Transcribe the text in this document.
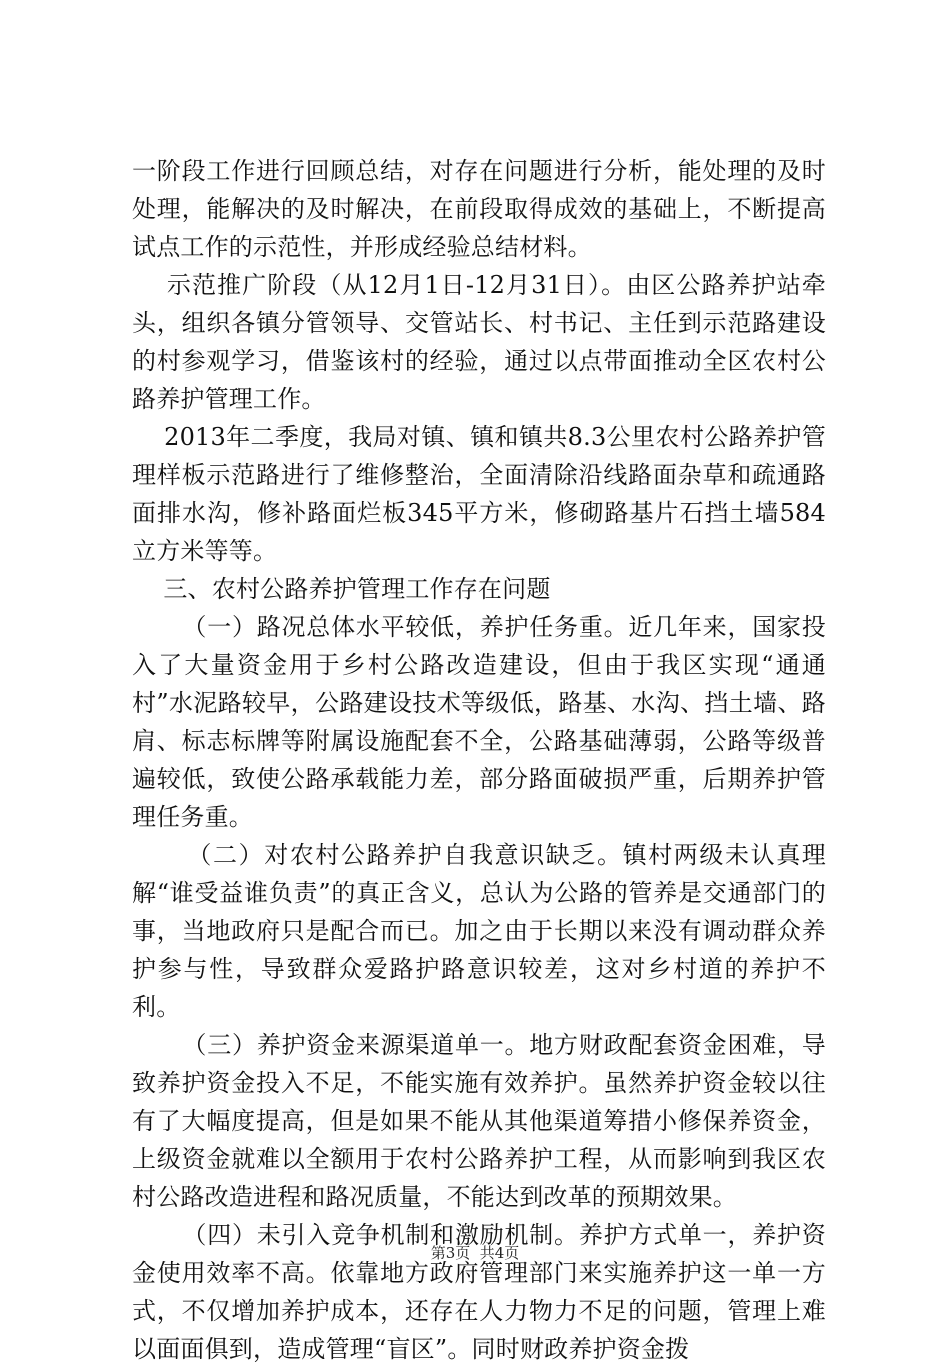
一阶段工作进行回顾总结，对存在问题进行分析，能处理的及时处理，能解决的及时解决，在前段取得成效的基础上，不断提高试点工作的示范性，并形成经验总结材料。

示范推广阶段（从12月1日-12月31日）。由区公路养护站牵头，组织各镇分管领导、交管站长、村书记、主任到示范路建设的村参观学习，借鉴该村的经验，通过以点带面推动全区农村公路养护管理工作。

2013年二季度，我局对镇、镇和镇共8.3公里农村公路养护管理样板示范路进行了维修整治，全面清除沿线路面杂草和疏通路面排水沟，修补路面烂板345平方米，修砌路基片石挡土墙584立方米等等。

三、农村公路养护管理工作存在问题

（一）路况总体水平较低，养护任务重。近几年来，国家投入了大量资金用于乡村公路改造建设，但由于我区实现“通通村”水泥路较早，公路建设技术等级低，路基、水沟、挡土墙、路肩、标志标牌等附属设施配套不全，公路基础薄弱，公路等级普遍较低，致使公路承载能力差，部分路面破损严重，后期养护管理任务重。

（二）对农村公路养护自我意识缺乏。镇村两级未认真理解“谁受益谁负责”的真正含义，总认为公路的管养是交通部门的事，当地政府只是配合而已。加之由于长期以来没有调动群众养护参与性，导致群众爱路护路意识较差，这对乡村道的养护不利。

（三）养护资金来源渠道单一。地方财政配套资金困难，导致养护资金投入不足，不能实施有效养护。虽然养护资金较以往有了大幅度提高，但是如果不能从其他渠道筹措小修保养资金，上级资金就难以全额用于农村公路养护工程，从而影响到我区农村公路改造进程和路况质量，不能达到改革的预期效果。

（四）未引入竞争机制和激励机制。养护方式单一，养护资金使用效率不高。依靠地方政府管理部门来实施养护这一单一方式，不仅增加养护成本，还存在人力物力不足的问题，管理上难以面面俱到，造成管理“盲区”。同时财政养护资金拨

第3页  共4页
